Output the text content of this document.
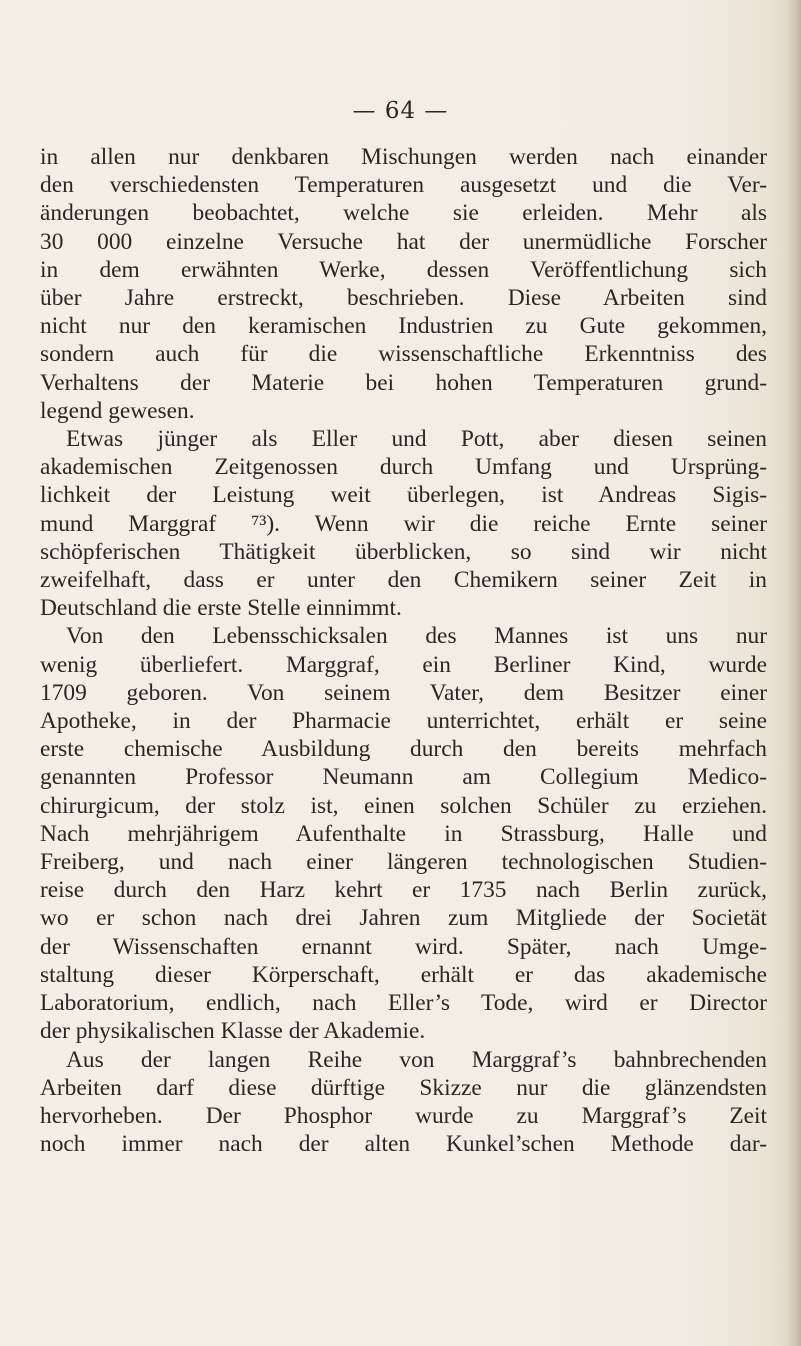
— 64 —
in allen nur denkbaren Mischungen werden nach einander
den verschiedensten Temperaturen ausgesetzt und die Ver-
änderungen beobachtet, welche sie erleiden. Mehr als
30 000 einzelne Versuche hat der unermüdliche Forscher
in dem erwähnten Werke, dessen Veröffentlichung sich
über Jahre erstreckt, beschrieben. Diese Arbeiten sind
nicht nur den keramischen Industrien zu Gute gekommen,
sondern auch für die wissenschaftliche Erkenntniss des
Verhaltens der Materie bei hohen Temperaturen grund-
legend gewesen.
Etwas jünger als Eller und Pott, aber diesen seinen
akademischen Zeitgenossen durch Umfang und Ursprüng-
lichkeit der Leistung weit überlegen, ist Andreas Sigis-
mund Marggraf ⁷³). Wenn wir die reiche Ernte seiner
schöpferischen Thätigkeit überblicken, so sind wir nicht
zweifelhaft, dass er unter den Chemikern seiner Zeit in
Deutschland die erste Stelle einnimmt.
Von den Lebensschicksalen des Mannes ist uns nur
wenig überliefert. Marggraf, ein Berliner Kind, wurde
1709 geboren. Von seinem Vater, dem Besitzer einer
Apotheke, in der Pharmacie unterrichtet, erhält er seine
erste chemische Ausbildung durch den bereits mehrfach
genannten Professor Neumann am Collegium Medico-
chirurgicum, der stolz ist, einen solchen Schüler zu erziehen.
Nach mehrjährigem Aufenthalte in Strassburg, Halle und
Freiberg, und nach einer längeren technologischen Studien-
reise durch den Harz kehrt er 1735 nach Berlin zurück,
wo er schon nach drei Jahren zum Mitgliede der Societät
der Wissenschaften ernannt wird. Später, nach Umge-
staltung dieser Körperschaft, erhält er das akademische
Laboratorium, endlich, nach Eller’s Tode, wird er Director
der physikalischen Klasse der Akademie.
Aus der langen Reihe von Marggraf’s bahnbrechenden
Arbeiten darf diese dürftige Skizze nur die glänzendsten
hervorheben. Der Phosphor wurde zu Marggraf’s Zeit
noch immer nach der alten Kunkel’schen Methode dar-
